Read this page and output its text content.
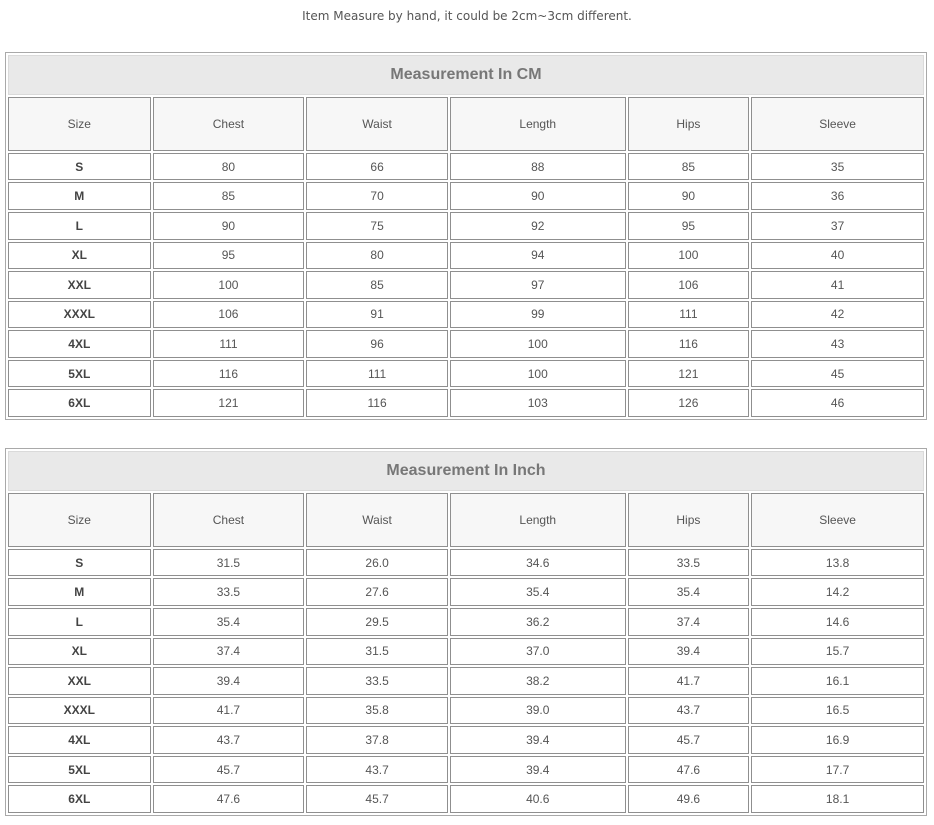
Item Measure by hand, it could be 2cm~3cm different.
Measurement In CM					
Size	Chest	Waist	Length	Hips	Sleeve
S	80	66	88	85	35
M	85	70	90	90	36
L	90	75	92	95	37
XL	95	80	94	100	40
XXL	100	85	97	106	41
XXXL	106	91	99	111	42
4XL	111	96	100	116	43
5XL	116	111	100	121	45
6XL	121	116	103	126	46
Measurement In Inch					
Size	Chest	Waist	Length	Hips	Sleeve
S	31.5	26.0	34.6	33.5	13.8
M	33.5	27.6	35.4	35.4	14.2
L	35.4	29.5	36.2	37.4	14.6
XL	37.4	31.5	37.0	39.4	15.7
XXL	39.4	33.5	38.2	41.7	16.1
XXXL	41.7	35.8	39.0	43.7	16.5
4XL	43.7	37.8	39.4	45.7	16.9
5XL	45.7	43.7	39.4	47.6	17.7
6XL	47.6	45.7	40.6	49.6	18.1
